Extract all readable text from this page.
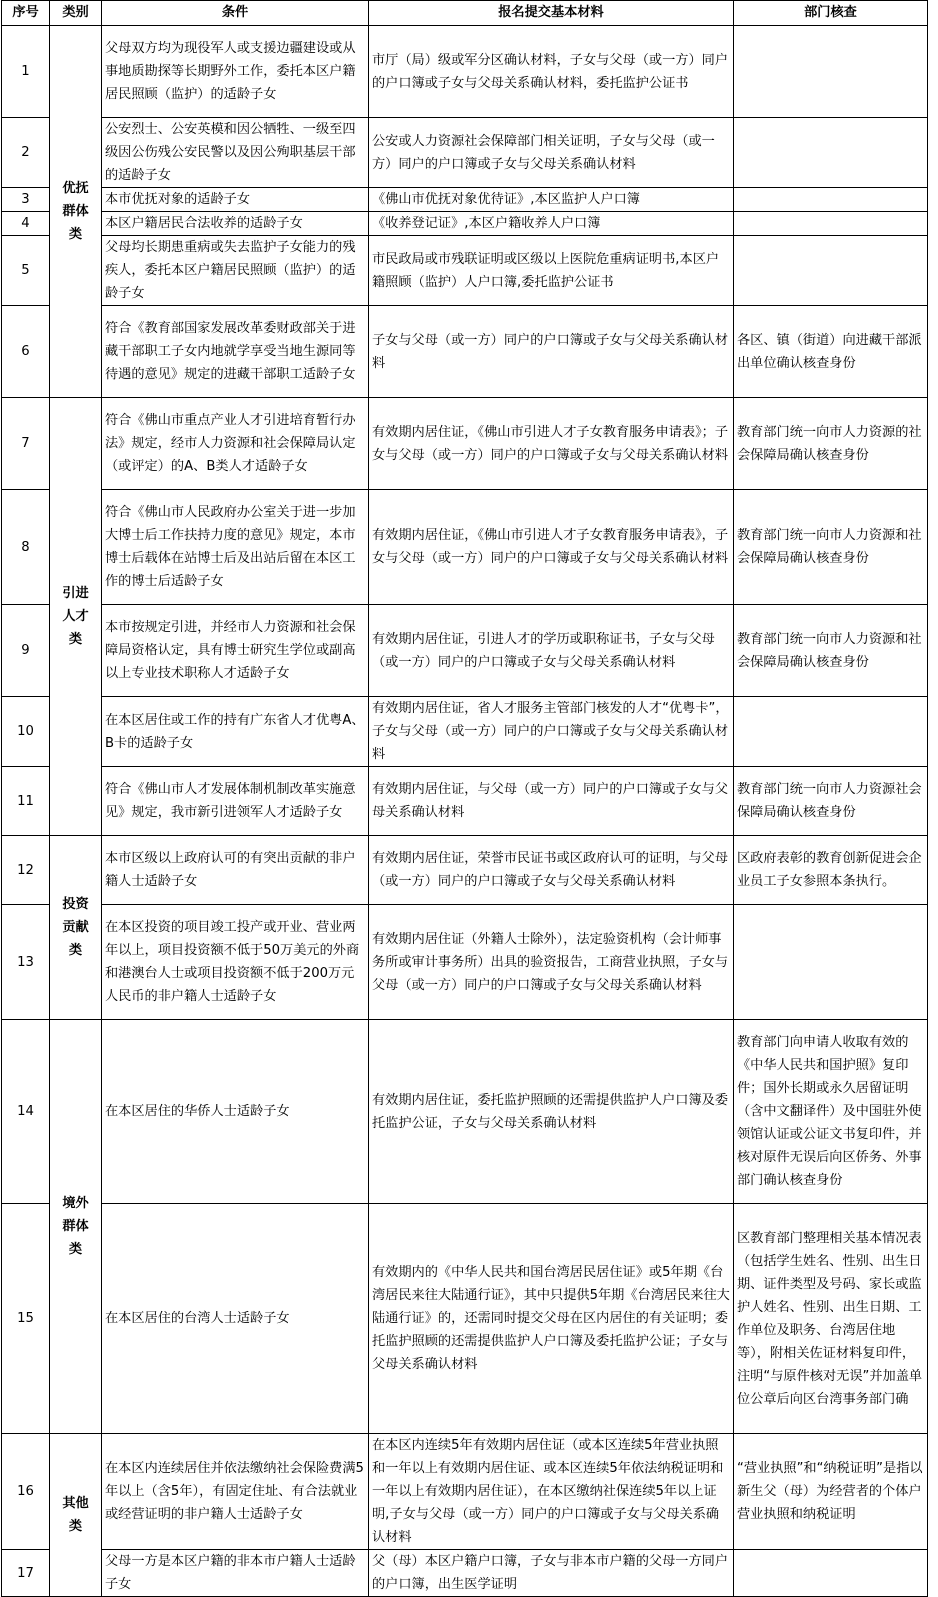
序号	类别	条件	报名提交基本材料	部门核查
1	优抚群体类	父母双方均为现役军人或支援边疆建设或从事地质勘探等长期野外工作，委托本区户籍居民照顾（监护）的适龄子女	市厅（局）级或军分区确认材料，子女与父母（或一方）同户的户口簿或子女与父母关系确认材料，委托监护公证书	
2		公安烈士、公安英模和因公牺牲、一级至四级因公伤残公安民警以及因公殉职基层干部的适龄子女	公安或人力资源社会保障部门相关证明，子女与父母（或一方）同户的户口簿或子女与父母关系确认材料	
3		本市优抚对象的适龄子女	《佛山市优抚对象优待证》,本区监护人户口簿	
4		本区户籍居民合法收养的适龄子女	《收养登记证》,本区户籍收养人户口簿	
5		父母均长期患重病或失去监护子女能力的残疾人，委托本区户籍居民照顾（监护）的适龄子女	市民政局或市残联证明或区级以上医院危重病证明书,本区户籍照顾（监护）人户口簿,委托监护公证书	
6		符合《教育部国家发展改革委财政部关于进藏干部职工子女内地就学享受当地生源同等待遇的意见》规定的进藏干部职工适龄子女	子女与父母（或一方）同户的户口簿或子女与父母关系确认材料	各区、镇（街道）向进藏干部派出单位确认核查身份
7	引进人才类	符合《佛山市重点产业人才引进培育暂行办法》规定，经市人力资源和社会保障局认定（或评定）的A、B类人才适龄子女	有效期内居住证，《佛山市引进人才子女教育服务申请表》；子女与父母（或一方）同户的户口簿或子女与父母关系确认材料	教育部门统一向市人力资源的社会保障局确认核查身份
8		符合《佛山市人民政府办公室关于进一步加大博士后工作扶持力度的意见》规定，本市博士后载体在站博士后及出站后留在本区工作的博士后适龄子女	有效期内居住证，《佛山市引进人才子女教育服务申请表》，子女与父母（或一方）同户的户口簿或子女与父母关系确认材料	教育部门统一向市人力资源和社会保障局确认核查身份
9		本市按规定引进，并经市人力资源和社会保障局资格认定，具有博士研究生学位或副高以上专业技术职称人才适龄子女	有效期内居住证，引进人才的学历或职称证书，子女与父母（或一方）同户的户口簿或子女与父母关系确认材料	教育部门统一向市人力资源和社会保障局确认核查身份
10		在本区居住或工作的持有广东省人才优粤A、B卡的适龄子女	有效期内居住证，省人才服务主管部门核发的人才“优粤卡”，子女与父母（或一方）同户的户口簿或子女与父母关系确认材料	
11		符合《佛山市人才发展体制机制改革实施意见》规定，我市新引进领军人才适龄子女	有效期内居住证，与父母（或一方）同户的户口簿或子女与父母关系确认材料	教育部门统一向市人力资源社会保障局确认核查身份
12	投资贡献类	本市区级以上政府认可的有突出贡献的非户籍人士适龄子女	有效期内居住证，荣誉市民证书或区政府认可的证明，与父母（或一方）同户的户口簿或子女与父母关系确认材料	区政府表彰的教育创新促进会企业员工子女参照本条执行。
13		在本区投资的项目竣工投产或开业、营业两年以上，项目投资额不低于50万美元的外商和港澳台人士或项目投资额不低于200万元人民币的非户籍人士适龄子女	有效期内居住证（外籍人士除外），法定验资机构（会计师事务所或审计事务所）出具的验资报告，工商营业执照，子女与父母（或一方）同户的户口簿或子女与父母关系确认材料	
14	境外群体类	在本区居住的华侨人士适龄子女	有效期内居住证，委托监护照顾的还需提供监护人户口簿及委托监护公证，子女与父母关系确认材料	教育部门向申请人收取有效的《中华人民共和国护照》复印件；国外长期或永久居留证明（含中文翻译件）及中国驻外使领馆认证或公证文书复印件，并核对原件无误后向区侨务、外事部门确认核查身份
15		在本区居住的台湾人士适龄子女	有效期内的《中华人民共和国台湾居民居住证》或5年期《台湾居民来往大陆通行证》，其中只提供5年期《台湾居民来往大陆通行证》的，还需同时提交父母在区内居住的有关证明；委托监护照顾的还需提供监护人户口簿及委托监护公证；子女与父母关系确认材料	区教育部门整理相关基本情况表（包括学生姓名、性别、出生日期、证件类型及号码、家长或监护人姓名、性别、出生日期、工作单位及职务、台湾居住地等），附相关佐证材料复印件，注明“与原件核对无误”并加盖单位公章后向区台湾事务部门确
16	其他类	在本区内连续居住并依法缴纳社会保险费满5年以上（含5年），有固定住址、有合法就业或经营证明的非户籍人士适龄子女	在本区内连续5年有效期内居住证（或本区连续5年营业执照和一年以上有效期内居住证、或本区连续5年依法纳税证明和一年以上有效期内居住证），在本区缴纳社保连续5年以上证明,子女与父母（或一方）同户的户口簿或子女与父母关系确认材料	“营业执照”和“纳税证明”是指以新生父（母）为经营者的个体户营业执照和纳税证明
17		父母一方是本区户籍的非本市户籍人士适龄子女	父（母）本区户籍户口簿，子女与非本市户籍的父母一方同户的户口簿，出生医学证明	
